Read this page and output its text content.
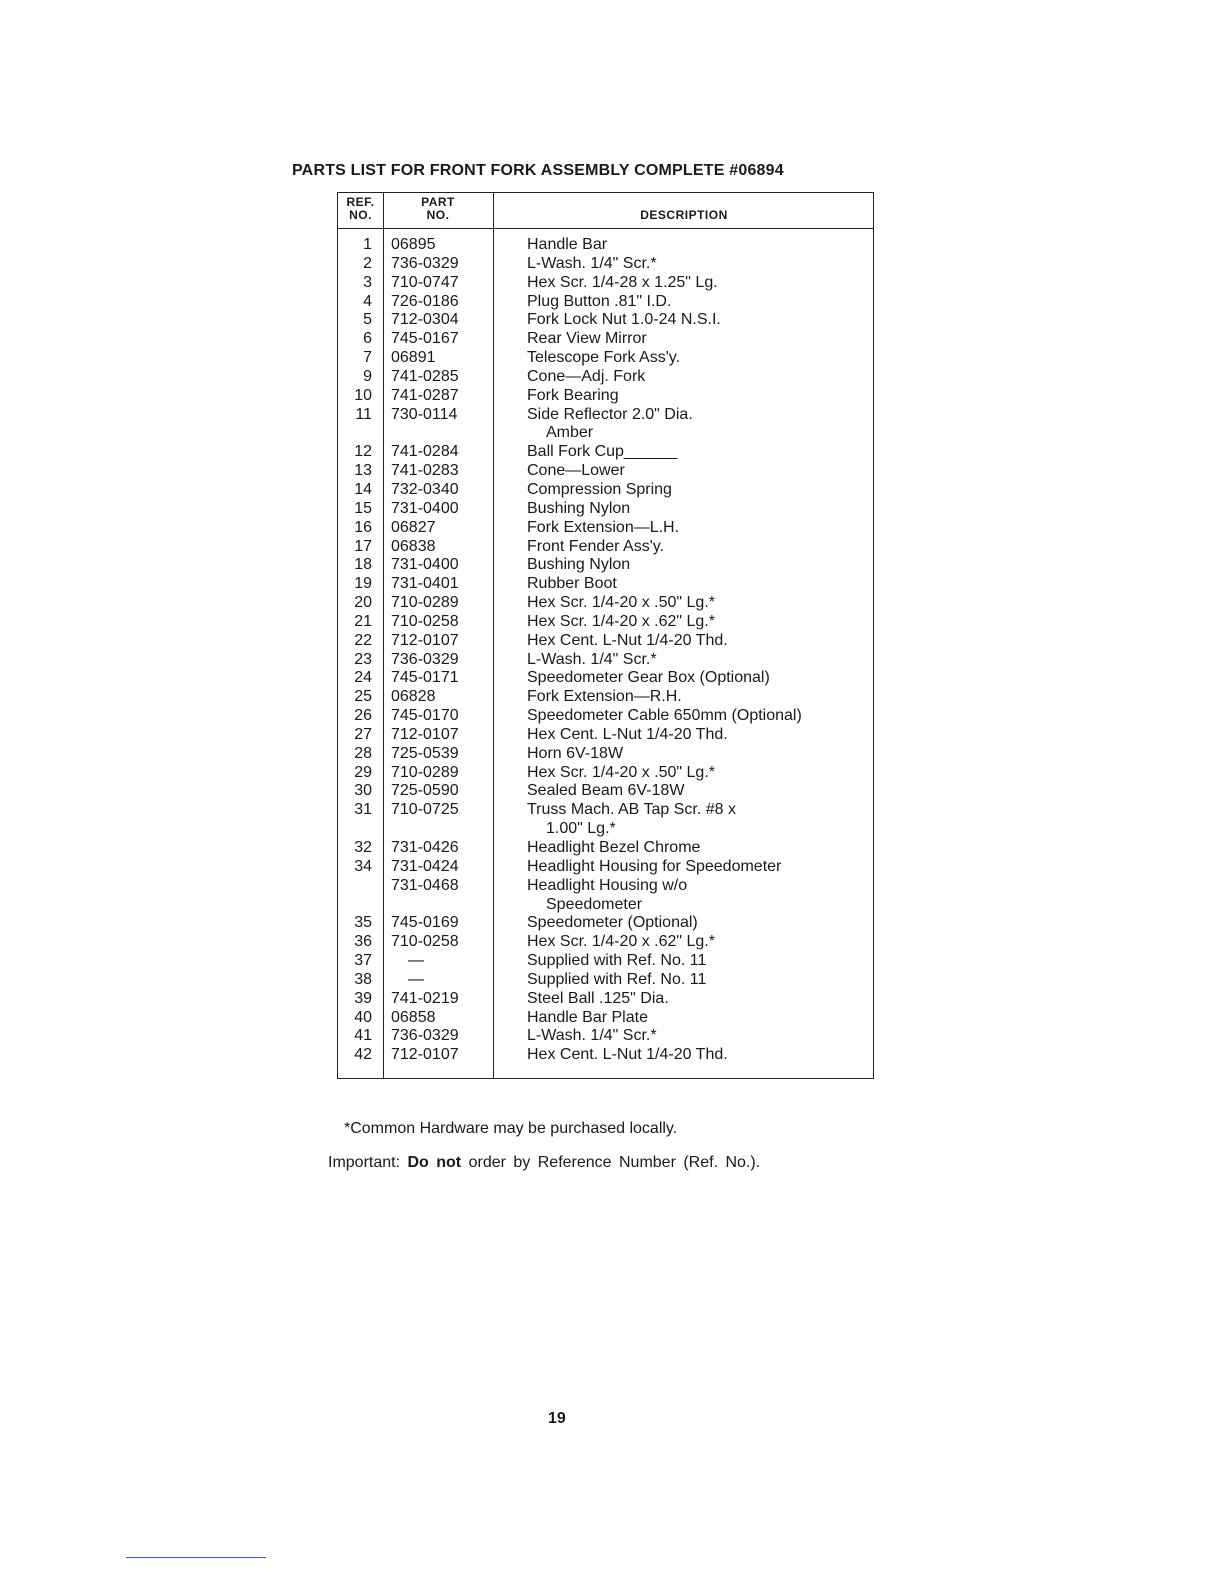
PARTS LIST FOR FRONT FORK ASSEMBLY COMPLETE #06894
REF.
NO.
PART
NO.	DESCRIPTION
1 06895	Handle Bar
2 736-0329	L-Wash. 1/4" Scr.*
3 710-0747	Hex Scr. 1/4-28 x 1.25" Lg.
4 726-0186	Plug Button .81" I.D.
5 712-0304	Fork Lock Nut 1.0-24 N.S.I.
6 745-0167	Rear View Mirror
7 06891	Telescope Fork Ass'y.
9 741-0285	Cone—Adj. Fork
10 741-0287	Fork Bearing
11 730-0114	Side Reflector 2.0" Dia.
Amber
12 741-0284	Ball Fork Cup______
13 741-0283	Cone—Lower
14 732-0340	Compression Spring
15 731-0400	Bushing Nylon
16 06827	Fork Extension—L.H.
17 06838	Front Fender Ass'y.
18 731-0400	Bushing Nylon
19 731-0401	Rubber Boot
20 710-0289	Hex Scr. 1/4-20 x .50" Lg.*
21 710-0258	Hex Scr. 1/4-20 x .62" Lg.*
22 712-0107	Hex Cent. L-Nut 1/4-20 Thd.
23 736-0329	L-Wash. 1/4" Scr.*
24 745-0171	Speedometer Gear Box (Optional)
25 06828	Fork Extension—R.H.
26 745-0170	Speedometer Cable 650mm (Optional)
27 712-0107	Hex Cent. L-Nut 1/4-20 Thd.
28 725-0539	Horn 6V-18W
29 710-0289	Hex Scr. 1/4-20 x .50" Lg.*
30 725-0590	Sealed Beam 6V-18W
31 710-0725	Truss Mach. AB Tap Scr. #8 x
1.00" Lg.*
32 731-0426	Headlight Bezel Chrome
34 731-0424	Headlight Housing for Speedometer
731-0468	Headlight Housing w/o
Speedometer
35 745-0169	Speedometer (Optional)
36 710-0258	Hex Scr. 1/4-20 x .62" Lg.*
37 —	Supplied with Ref. No. 11
38 —	Supplied with Ref. No. 11
39 741-0219	Steel Ball .125" Dia.
40 06858	Handle Bar Plate
41 736-0329	L-Wash. 1/4" Scr.*
42 712-0107	Hex Cent. L-Nut 1/4-20 Thd.
*Common Hardware may be purchased locally.
Important: Do not order by Reference Number (Ref. No.).
19
